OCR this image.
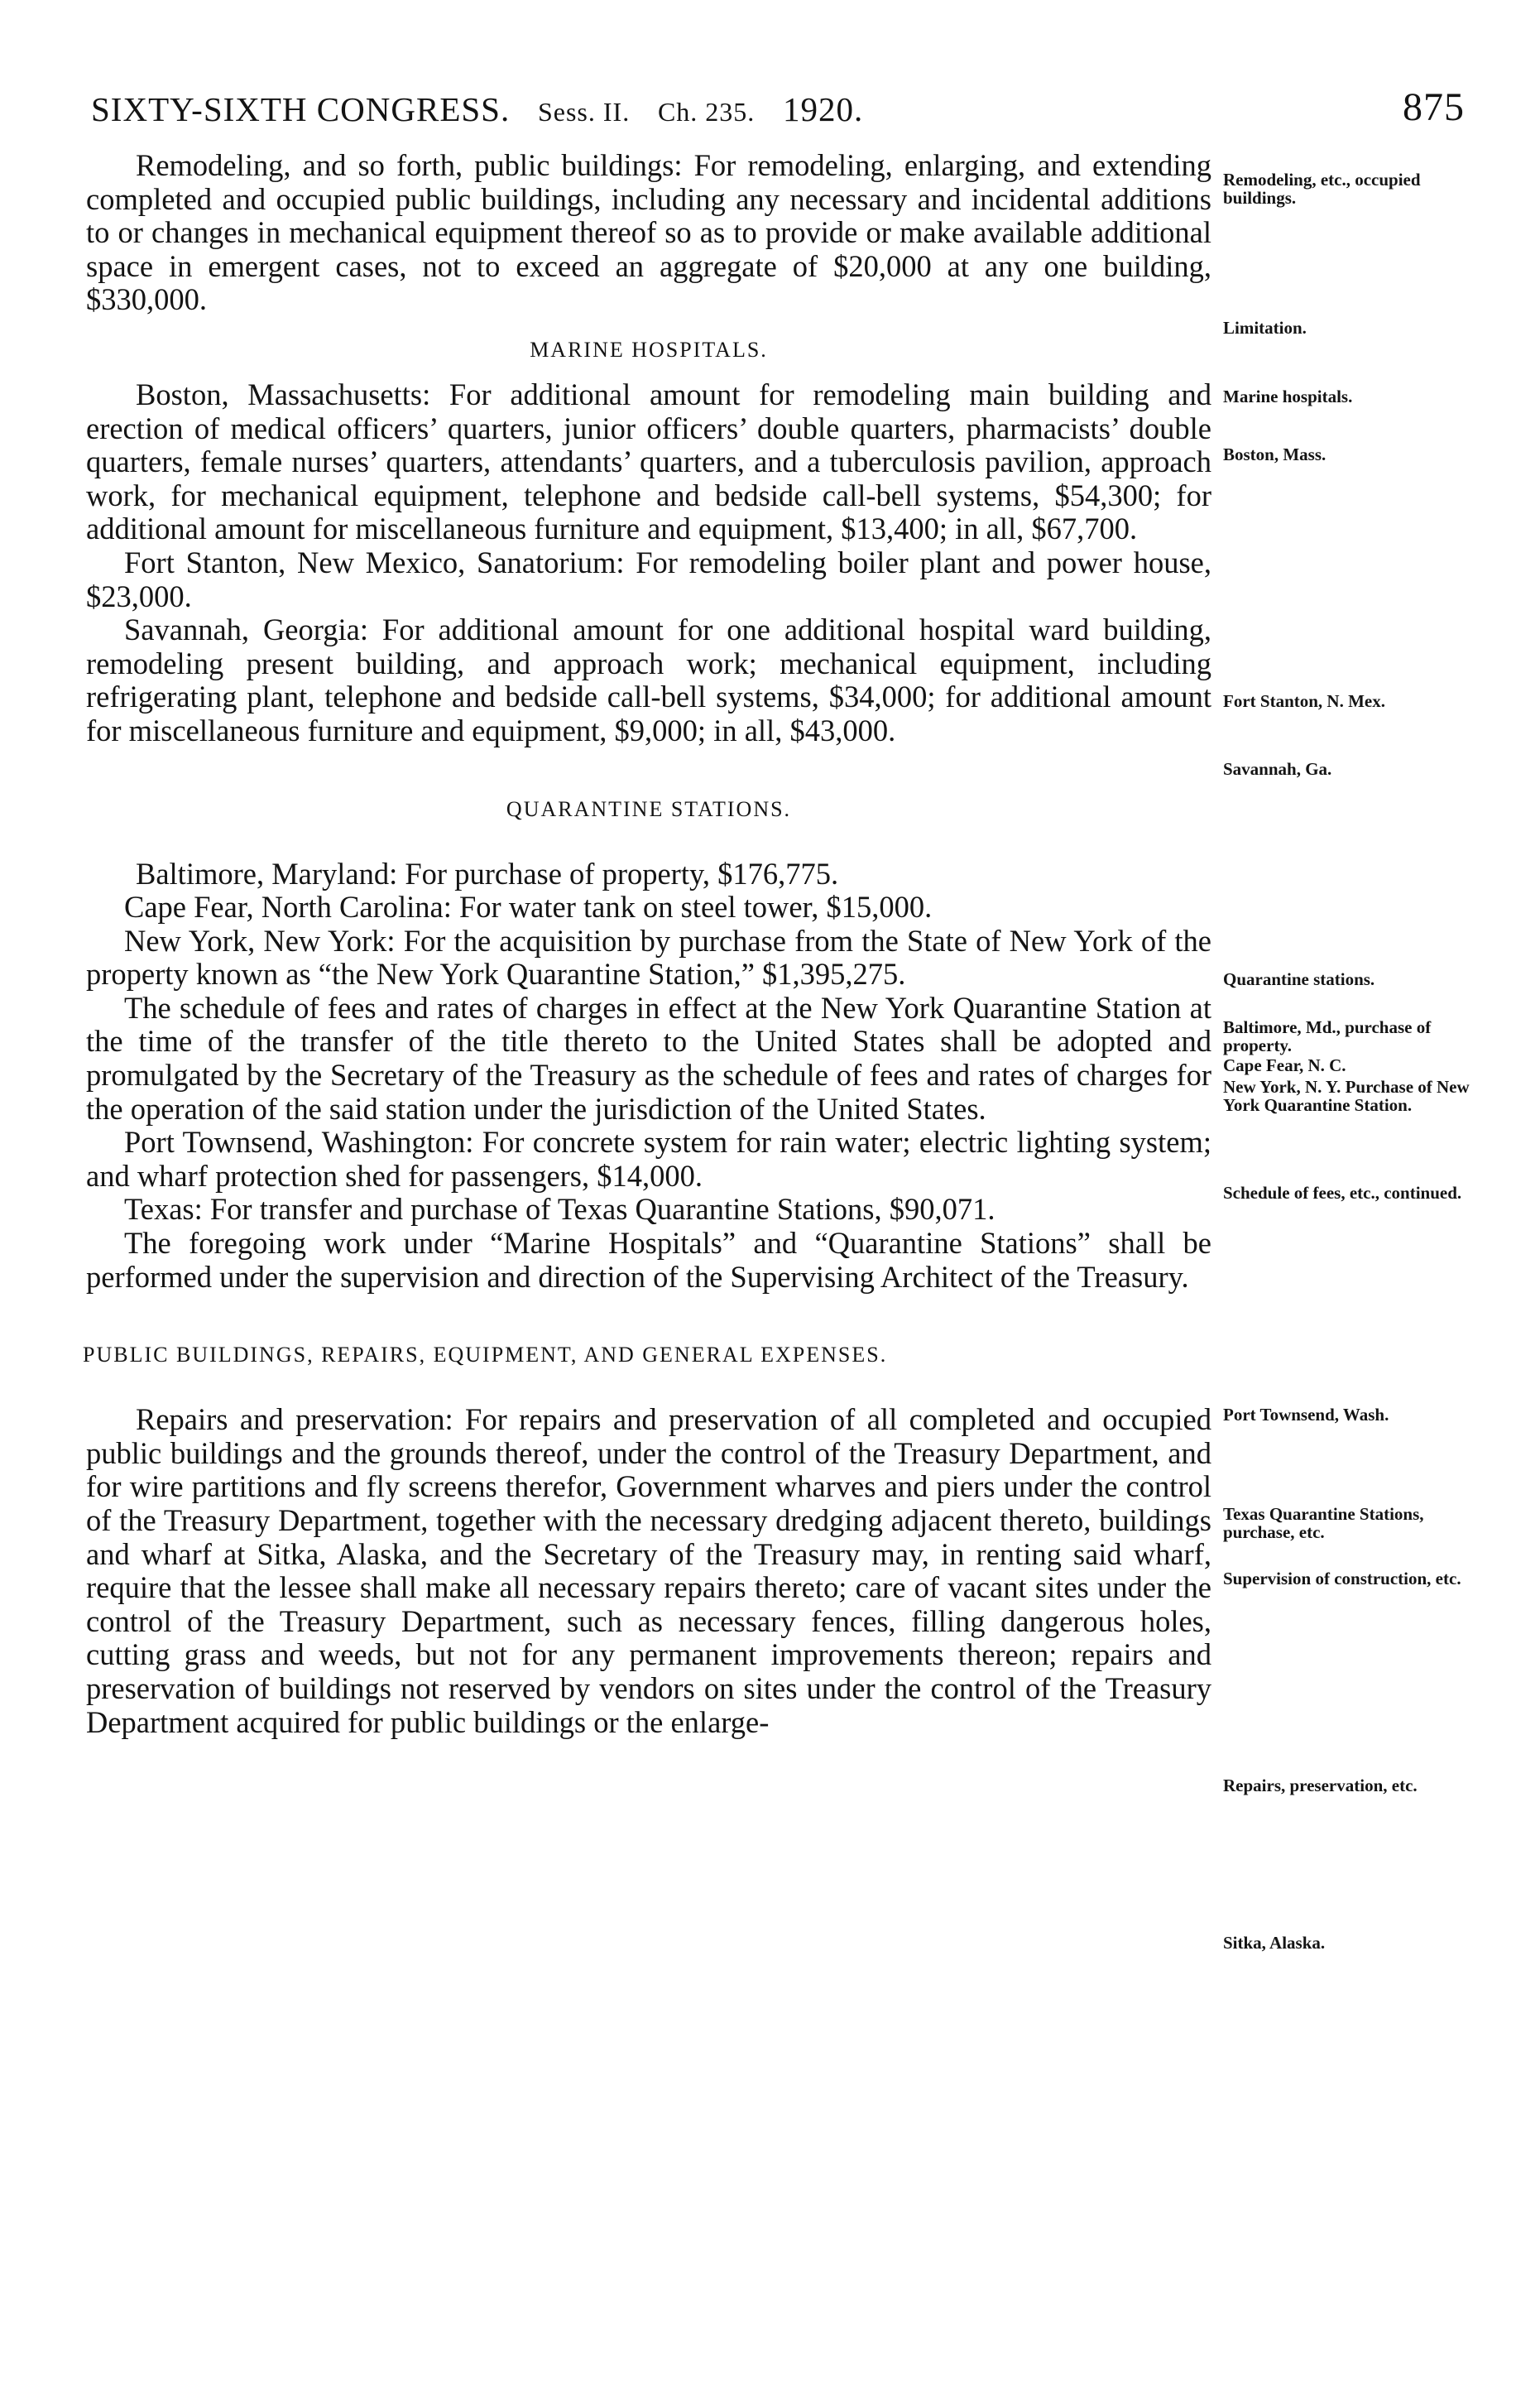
SIXTY-SIXTH CONGRESS. Sess. II. Ch. 235. 1920.	875

Remodeling, and so forth, public buildings: For remodeling, enlarging, and extending completed and occupied public buildings, including any necessary and incidental additions to or changes in mechanical equipment thereof so as to provide or make available additional space in emergent cases, not to exceed an aggregate of $20,000 at any one building, $330,000.

MARINE HOSPITALS.

Boston, Massachusetts: For additional amount for remodeling main building and erection of medical officers’ quarters, junior officers’ double quarters, pharmacists’ double quarters, female nurses’ quarters, attendants’ quarters, and a tuberculosis pavilion, approach work, for mechanical equipment, telephone and bedside call-bell systems, $54,300; for additional amount for miscellaneous furniture and equipment, $13,400; in all, $67,700.

Fort Stanton, New Mexico, Sanatorium: For remodeling boiler plant and power house, $23,000.

Savannah, Georgia: For additional amount for one additional hospital ward building, remodeling present building, and approach work; mechanical equipment, including refrigerating plant, telephone and bedside call-bell systems, $34,000; for additional amount for miscellaneous furniture and equipment, $9,000; in all, $43,000.

QUARANTINE STATIONS.

Baltimore, Maryland: For purchase of property, $176,775.

Cape Fear, North Carolina: For water tank on steel tower, $15,000.

New York, New York: For the acquisition by purchase from the State of New York of the property known as “the New York Quarantine Station,” $1,395,275.

The schedule of fees and rates of charges in effect at the New York Quarantine Station at the time of the transfer of the title thereto to the United States shall be adopted and promulgated by the Secretary of the Treasury as the schedule of fees and rates of charges for the operation of the said station under the jurisdiction of the United States.

Port Townsend, Washington: For concrete system for rain water; electric lighting system; and wharf protection shed for passengers, $14,000.

Texas: For transfer and purchase of Texas Quarantine Stations, $90,071.

The foregoing work under “Marine Hospitals” and “Quarantine Stations” shall be performed under the supervision and direction of the Supervising Architect of the Treasury.

PUBLIC BUILDINGS, REPAIRS, EQUIPMENT, AND GENERAL EXPENSES.

Repairs and preservation: For repairs and preservation of all completed and occupied public buildings and the grounds thereof, under the control of the Treasury Department, and for wire partitions and fly screens therefor, Government wharves and piers under the control of the Treasury Department, together with the necessary dredging adjacent thereto, buildings and wharf at Sitka, Alaska, and the Secretary of the Treasury may, in renting said wharf, require that the lessee shall make all necessary repairs thereto; care of vacant sites under the control of the Treasury Department, such as necessary fences, filling dangerous holes, cutting grass and weeds, but not for any permanent improvements thereon; repairs and preservation of buildings not reserved by vendors on sites under the control of the Treasury Department acquired for public buildings or the enlarge-

Remodeling, etc., occupied buildings.
Limitation.
Marine hospitals.
Boston, Mass.
Fort Stanton, N. Mex.
Savannah, Ga.
Quarantine stations.
Baltimore, Md., purchase of property.
Cape Fear, N. C.
New York, N. Y. Purchase of New York Quarantine Station.
Schedule of fees, etc., continued.
Port Townsend, Wash.
Texas Quarantine Stations, purchase, etc.
Supervision of construction, etc.
Repairs, preservation, etc.
Sitka, Alaska.
